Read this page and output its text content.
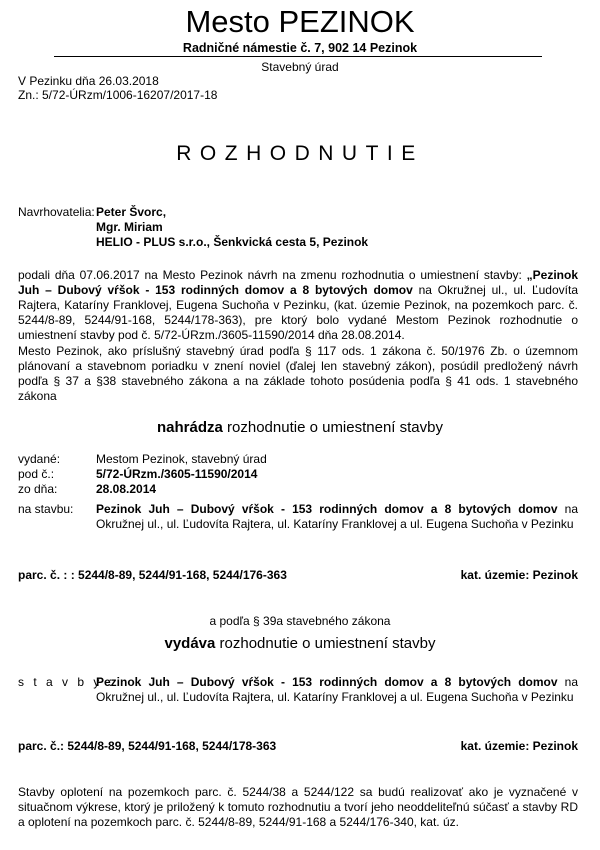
Mesto PEZINOK
Radničné námestie č. 7, 902 14 Pezinok
Stavebný úrad
V Pezinku dňa 26.03.2018
Zn.: 5/72-ÚRzm/1006-16207/2017-18
ROZHODNUTIE
Navrhovatelia: Peter Švorc,
Mgr. Miriam
HELIO - PLUS s.r.o., Šenkvická cesta 5, Pezinok
podali dňa 07.06.2017 na Mesto Pezinok návrh na zmenu rozhodnutia o umiestnení stavby: „Pezinok Juh – Dubový vŕšok - 153 rodinných domov a 8 bytových domov na Okružnej ul., ul. Ľudovíta Rajtera, Kataríny Franklovej, Eugena Suchoňa v Pezinku, (kat. územie Pezinok, na pozemkoch parc. č. 5244/8-89, 5244/91-168, 5244/178-363), pre ktorý bolo vydané Mestom Pezinok rozhodnutie o umiestnení stavby pod č. 5/72-ÚRzm./3605-11590/2014 dňa 28.08.2014.
Mesto Pezinok, ako príslušný stavebný úrad podľa § 117 ods. 1 zákona č. 50/1976 Zb. o územnom plánovaní a stavebnom poriadku v znení noviel (ďalej len stavebný zákon), posúdil predložený návrh podľa § 37 a §38 stavebného zákona a na základe tohoto posúdenia podľa § 41 ods. 1 stavebného zákona
nahrádza rozhodnutie o umiestnení stavby
vydané:	Mestom Pezinok, stavebný úrad
pod č.:	5/72-ÚRzm./3605-11590/2014
zo dňa:	28.08.2014
na stavbu: Pezinok Juh – Dubový vŕšok - 153 rodinných domov a 8 bytových domov na Okružnej ul., ul. Ľudovíta Rajtera, ul. Kataríny Franklovej a ul. Eugena Suchoňa v Pezinku
parc. č. : : 5244/8-89, 5244/91-168, 5244/176-363	kat. územie: Pezinok
a podľa § 39a stavebného zákona
vydáva rozhodnutie o umiestnení stavby
s t a v b y :
Pezinok Juh – Dubový vŕšok - 153 rodinných domov a 8 bytových domov na Okružnej ul., ul. Ľudovíta Rajtera, ul. Kataríny Franklovej a ul. Eugena Suchoňa v Pezinku
parc. č.: 5244/8-89, 5244/91-168, 5244/178-363	kat. územie: Pezinok
Stavby oplotení na pozemkoch parc. č. 5244/38 a 5244/122 sa budú realizovať ako je vyznačené v situačnom výkrese, ktorý je priložený k tomuto rozhodnutiu a tvorí jeho neoddeliteľnú súčasť a stavby RD a oplotení na pozemkoch parc. č. 5244/8-89, 5244/91-168 a 5244/176-340, kat. úz.
